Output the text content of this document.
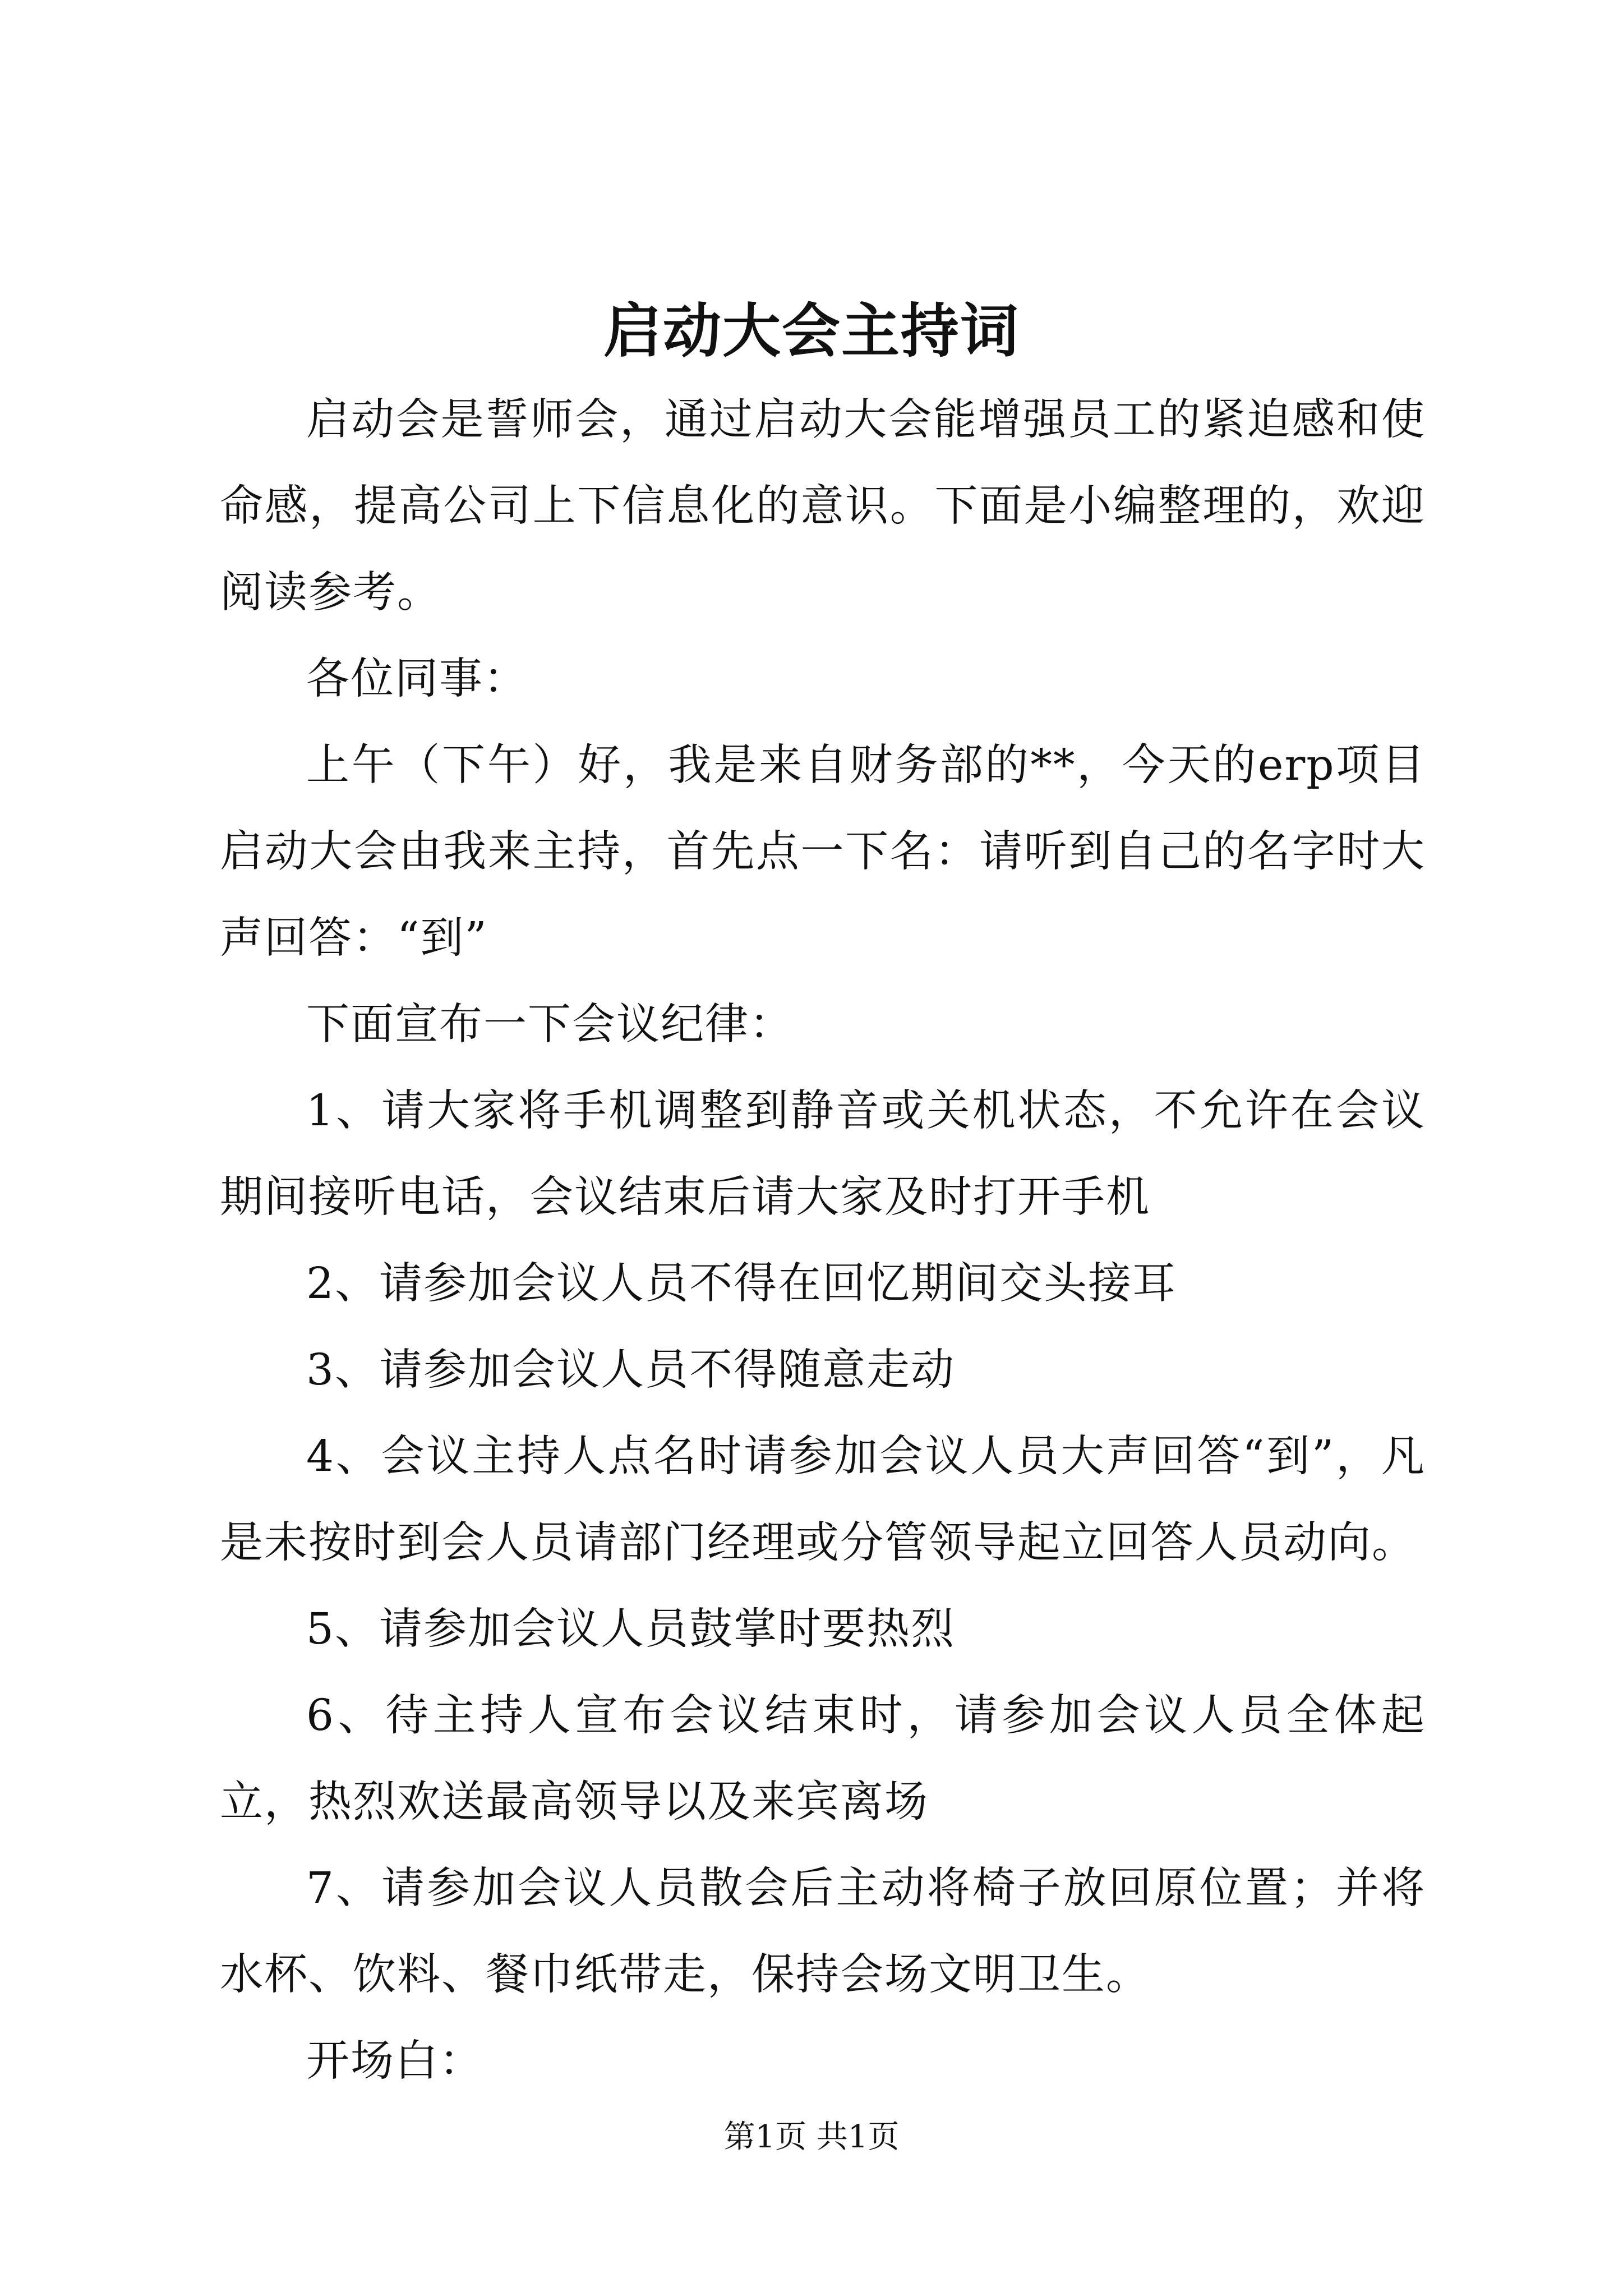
启动大会主持词

启动会是誓师会，通过启动大会能增强员工的紧迫感和使命感，提高公司上下信息化的意识。下面是小编整理的，欢迎阅读参考。

各位同事：

上午（下午）好，我是来自财务部的**，今天的erp项目启动大会由我来主持，首先点一下名：请听到自己的名字时大声回答：“到”

下面宣布一下会议纪律：

1、请大家将手机调整到静音或关机状态，不允许在会议期间接听电话，会议结束后请大家及时打开手机

2、请参加会议人员不得在回忆期间交头接耳

3、请参加会议人员不得随意走动

4、会议主持人点名时请参加会议人员大声回答“到”，凡是未按时到会人员请部门经理或分管领导起立回答人员动向。

5、请参加会议人员鼓掌时要热烈

6、待主持人宣布会议结束时，请参加会议人员全体起立，热烈欢送最高领导以及来宾离场

7、请参加会议人员散会后主动将椅子放回原位置；并将水杯、饮料、餐巾纸带走，保持会场文明卫生。

开场白：

第1页 共1页
